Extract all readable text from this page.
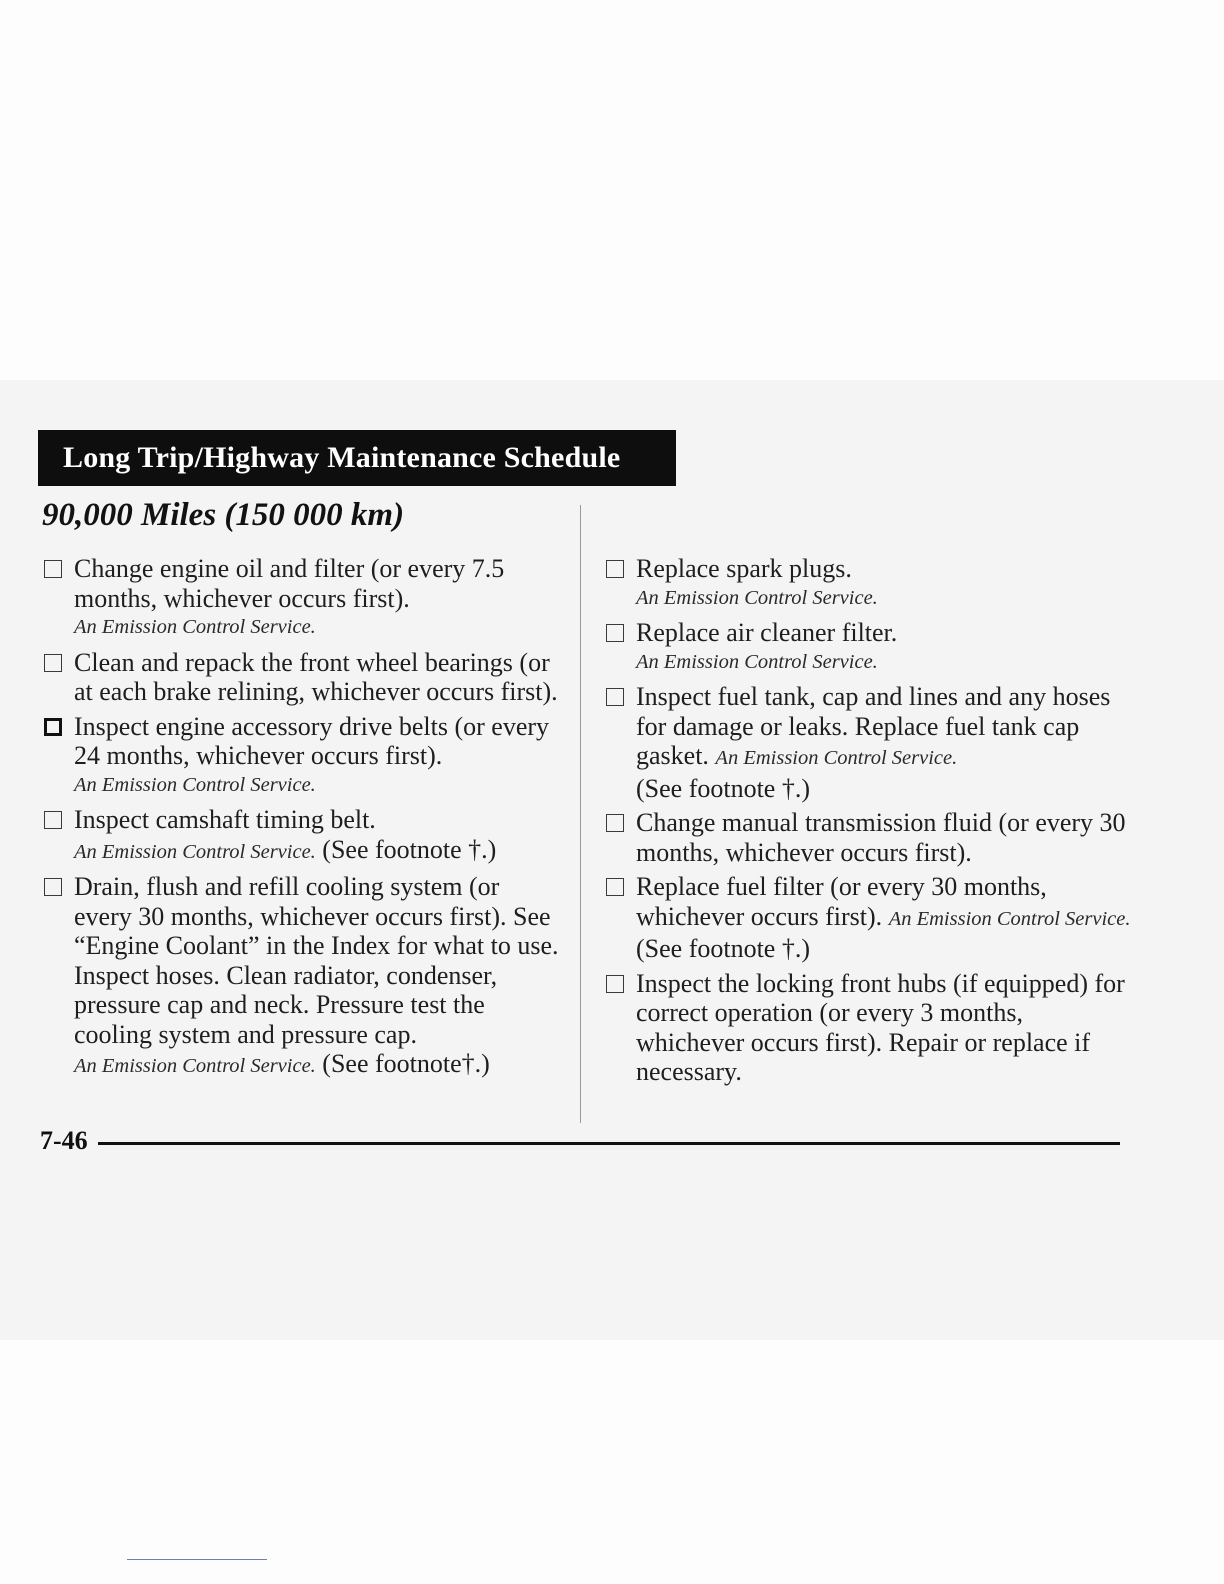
Long Trip/Highway Maintenance Schedule
90,000 Miles (150 000 km)
Change engine oil and filter (or every 7.5 months, whichever occurs first).
An Emission Control Service.
Clean and repack the front wheel bearings (or at each brake relining, whichever occurs first).
Inspect engine accessory drive belts (or every 24 months, whichever occurs first).
An Emission Control Service.
Inspect camshaft timing belt.
An Emission Control Service. (See footnote †.)
Drain, flush and refill cooling system (or every 30 months, whichever occurs first). See “Engine Coolant” in the Index for what to use. Inspect hoses. Clean radiator, condenser, pressure cap and neck. Pressure test the cooling system and pressure cap.
An Emission Control Service. (See footnote†.)
Replace spark plugs.
An Emission Control Service.
Replace air cleaner filter.
An Emission Control Service.
Inspect fuel tank, cap and lines and any hoses for damage or leaks. Replace fuel tank cap gasket. An Emission Control Service.
(See footnote †.)
Change manual transmission fluid (or every 30 months, whichever occurs first).
Replace fuel filter (or every 30 months, whichever occurs first). An Emission Control Service. (See footnote †.)
Inspect the locking front hubs (if equipped) for correct operation (or every 3 months, whichever occurs first). Repair or replace if necessary.
7-46
